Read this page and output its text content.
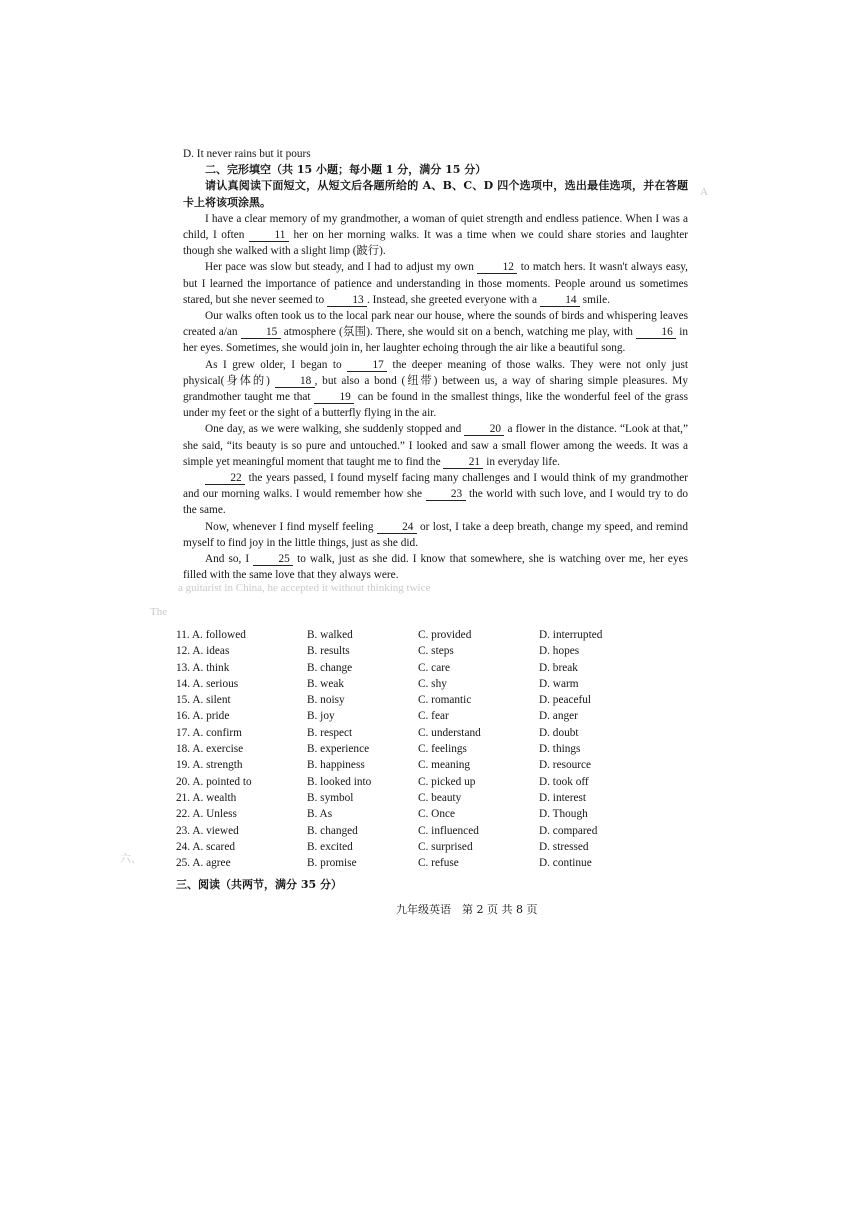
a guitarist in China, he accepted it without thinking twice
A
The
六、

D. It never rains but it pours

二、完形填空（共 15 小题；每小题 1 分，满分 15 分）

请认真阅读下面短文，从短文后各题所给的 A、B、C、D 四个选项中，选出最佳选项，并在答题卡上将该项涂黑。

I have a clear memory of my grandmother, a woman of quiet strength and endless patience. When I was a child, I often 11 her on her morning walks. It was a time when we could share stories and laughter though she walked with a slight limp (跛行).

Her pace was slow but steady, and I had to adjust my own 12 to match hers. It wasn't always easy, but I learned the importance of patience and understanding in those moments. People around us sometimes stared, but she never seemed to 13 . Instead, she greeted everyone with a 14 smile.

Our walks often took us to the local park near our house, where the sounds of birds and whispering leaves created a/an 15 atmosphere (氛围). There, she would sit on a bench, watching me play, with 16 in her eyes. Sometimes, she would join in, her laughter echoing through the air like a beautiful song.

As I grew older, I began to 17 the deeper meaning of those walks. They were not only just physical(身体的) 18 , but also a bond (纽带) between us, a way of sharing simple pleasures. My grandmother taught me that 19 can be found in the smallest things, like the wonderful feel of the grass under my feet or the sight of a butterfly flying in the air.

One day, as we were walking, she suddenly stopped and 20 a flower in the distance. “Look at that,” she said, “its beauty is so pure and untouched.” I looked and saw a small flower among the weeds. It was a simple yet meaningful moment that taught me to find the 21 in everyday life.

22 the years passed, I found myself facing many challenges and I would think of my grandmother and our morning walks. I would remember how she 23 the world with such love, and I would try to do the same.

Now, whenever I find myself feeling 24 or lost, I take a deep breath, change my speed, and remind myself to find joy in the little things, just as she did.

And so, I 25 to walk, just as she did. I know that somewhere, she is watching over me, her eyes filled with the same love that they always were.

11. A. followed	B. walked	C. provided	D. interrupted
12. A. ideas	B. results	C. steps	D. hopes
13. A. think	B. change	C. care	D. break
14. A. serious	B. weak	C. shy	D. warm
15. A. silent	B. noisy	C. romantic	D. peaceful
16. A. pride	B. joy	C. fear	D. anger
17. A. confirm	B. respect	C. understand	D. doubt
18. A. exercise	B. experience	C. feelings	D. things
19. A. strength	B. happiness	C. meaning	D. resource
20. A. pointed to	B. looked into	C. picked up	D. took off
21. A. wealth	B. symbol	C. beauty	D. interest
22. A. Unless	B. As	C. Once	D. Though
23. A. viewed	B. changed	C. influenced	D. compared
24. A. scared	B. excited	C. surprised	D. stressed
25. A. agree	B. promise	C. refuse	D. continue
三、阅读（共两节，满分 35 分）
九年级英语　第 2 页 共 8 页
